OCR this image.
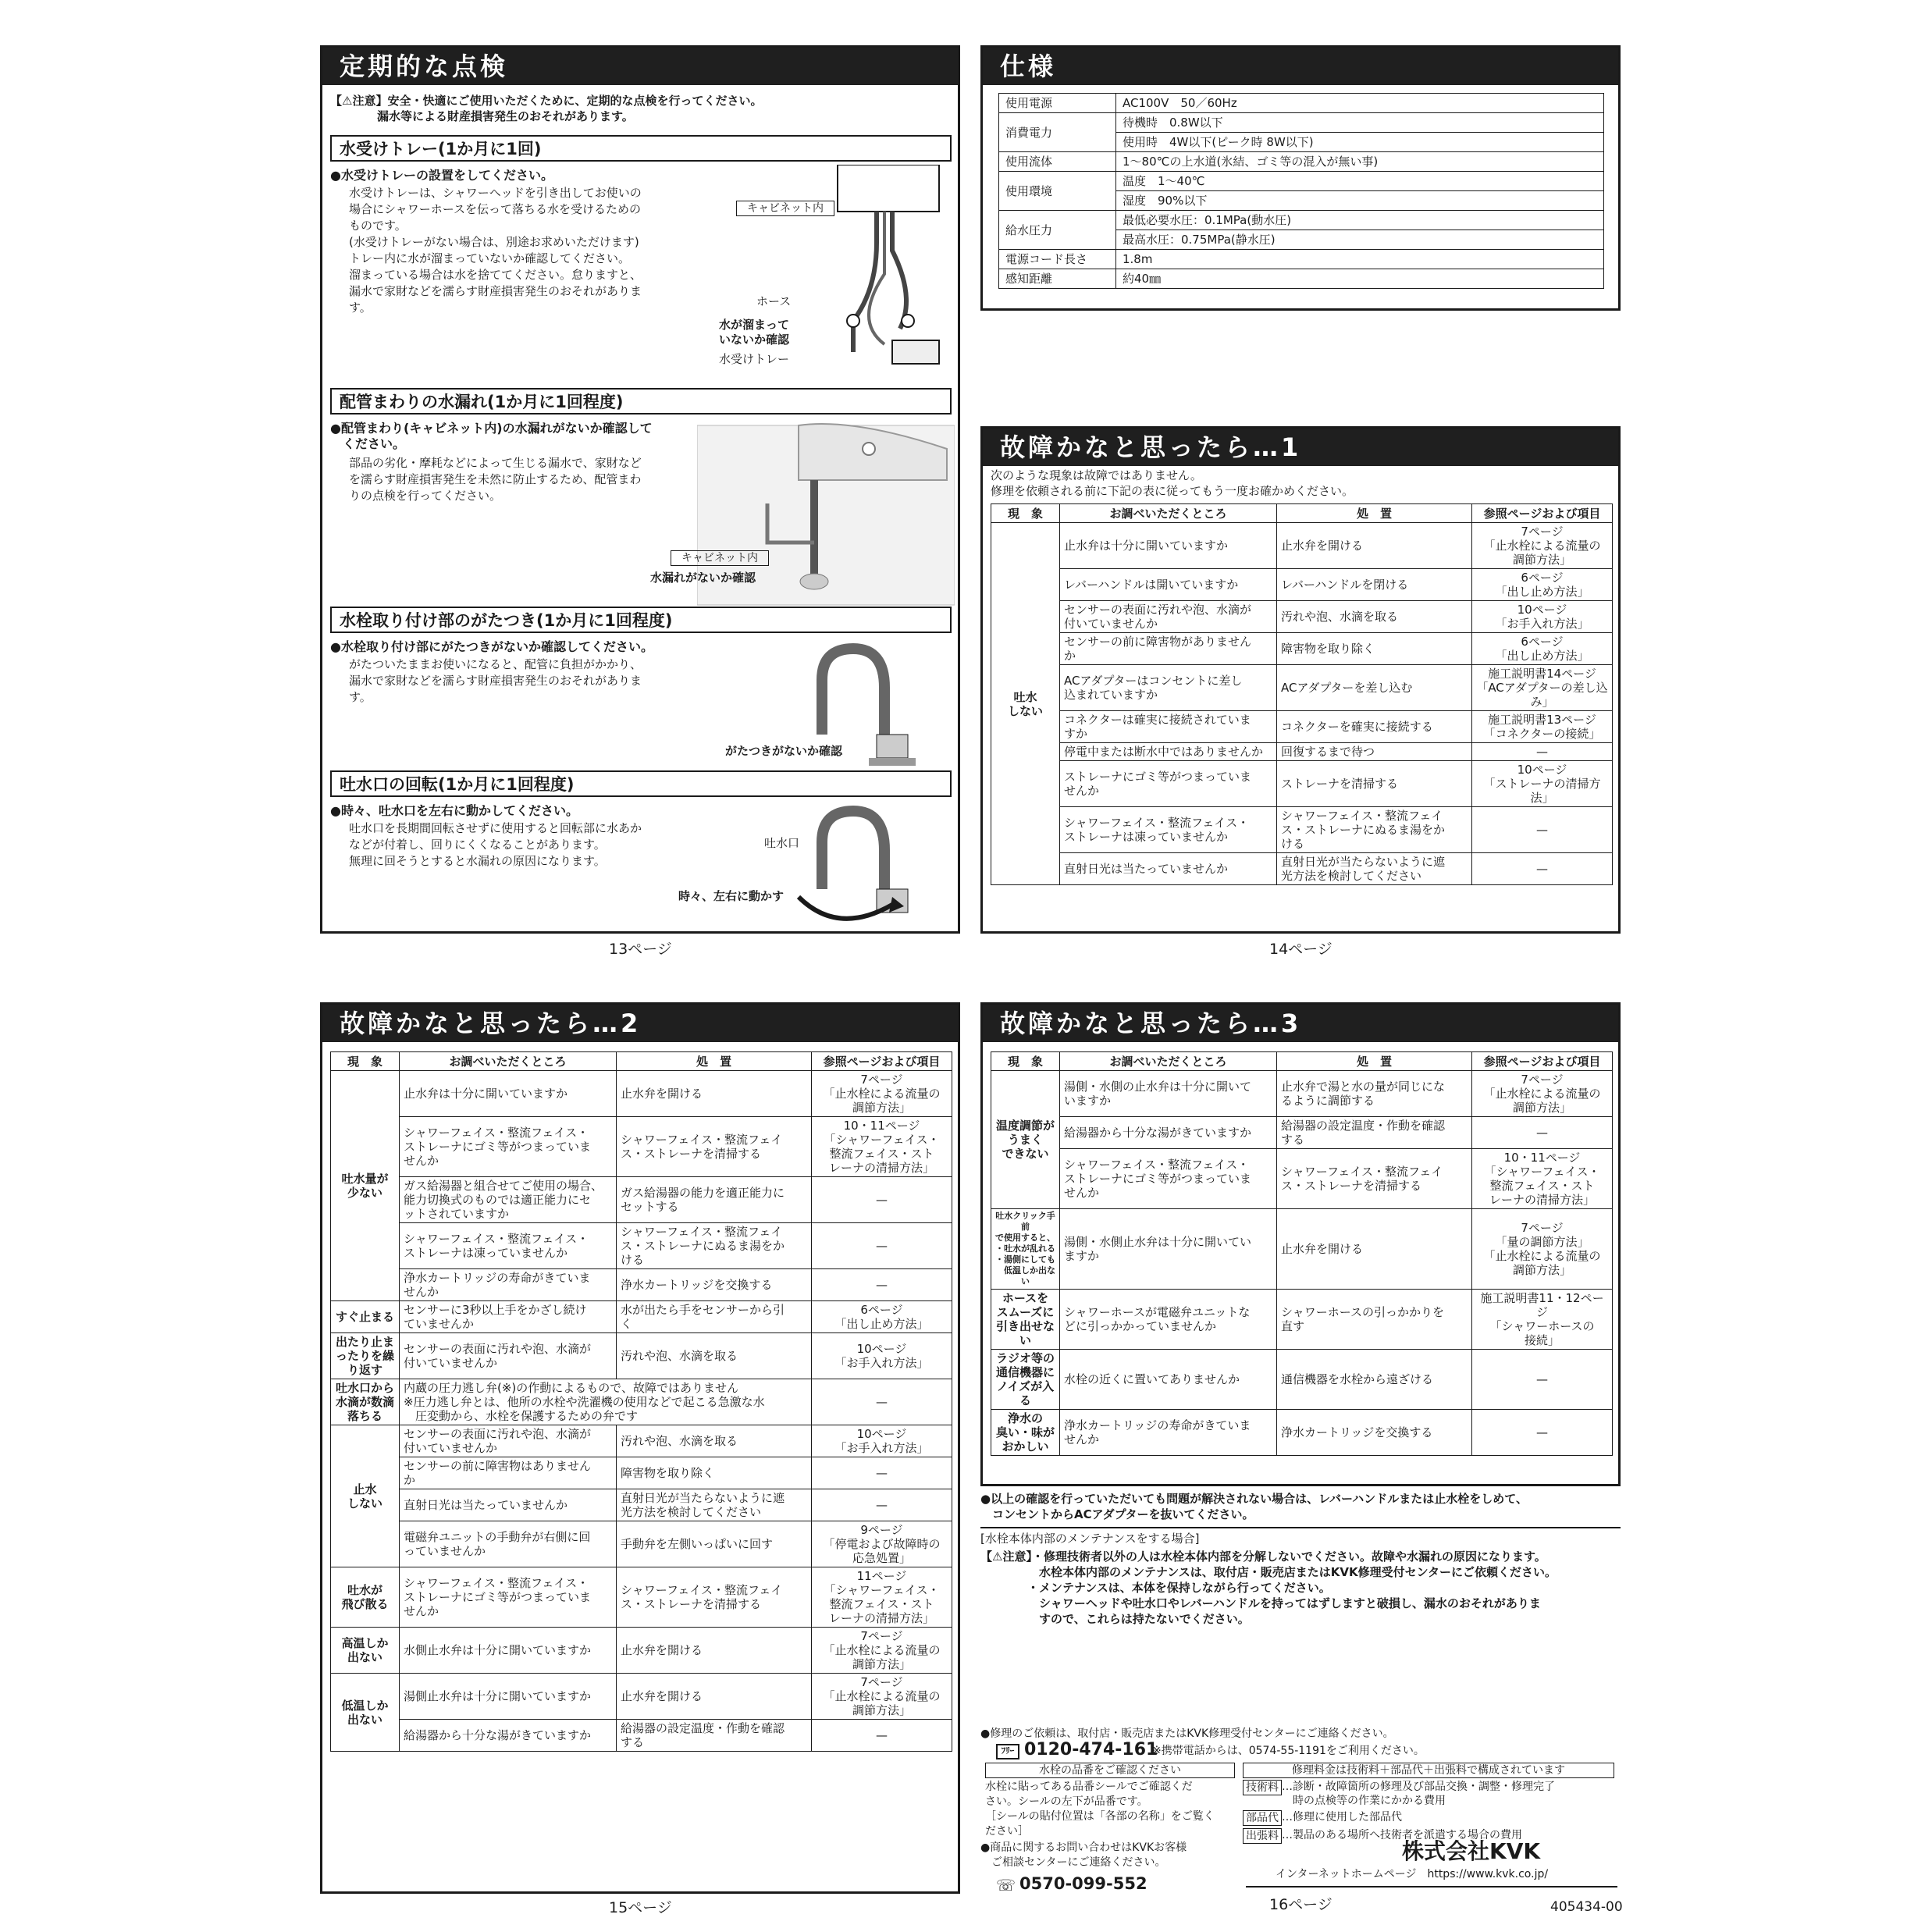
定期的な点検
【⚠注意】安全・快適にご使用いただくために、定期的な点検を行ってください。
　　　　漏水等による財産損害発生のおそれがあります。
水受けトレー(1か月に1回)
●水受けトレーの設置をしてください。
水受けトレーは、シャワーヘッドを引き出してお使いの
場合にシャワーホースを伝って落ちる水を受けるための
ものです。
(水受けトレーがない場合は、別途お求めいただけます)
トレー内に水が溜まっていないか確認してください。
溜まっている場合は水を捨ててください。怠りますと、
漏水で家財などを濡らす財産損害発生のおそれがありま
す。
キャビネット内
ホース
水が溜まって
いないか確認
水受けトレー
配管まわりの水漏れ(1か月に1回程度)
●配管まわり(キャビネット内)の水漏れがないか確認して
　ください。
部品の劣化・摩耗などによって生じる漏水で、家財など
を濡らす財産損害発生を未然に防止するため、配管まわ
りの点検を行ってください。
キャビネット内
水漏れがないか確認
水栓取り付け部のがたつき(1か月に1回程度)
●水栓取り付け部にがたつきがないか確認してください。
がたついたままお使いになると、配管に負担がかかり、
漏水で家財などを濡らす財産損害発生のおそれがありま
す。
がたつきがないか確認
吐水口の回転(1か月に1回程度)
●時々、吐水口を左右に動かしてください。
吐水口を長期間回転させずに使用すると回転部に水あか
などが付着し、回りにくくなることがあります。
無理に回そうとすると水漏れの原因になります。
吐水口
時々、左右に動かす
13ページ
仕様
使用電源	AC100V　50／60Hz
消費電力	待機時　0.8W以下
	使用時　4W以下(ピーク時 8W以下)
使用流体	1～80℃の上水道(氷結、ゴミ等の混入が無い事)
使用環境	温度　1～40℃
	湿度　90%以下
給水圧力	最低必要水圧：0.1MPa(動水圧)
	最高水圧：0.75MPa(静水圧)
電源コード長さ	1.8m
感知距離	約40㎜
故障かなと思ったら…1
次のような現象は故障ではありません。
修理を依頼される前に下記の表に従ってもう一度お確かめください。
現　象	お調べいただくところ	処　置	参照ページおよび項目
吐水
しない	止水弁は十分に開いていますか	止水弁を開ける	7ページ
「止水栓による流量の
調節方法」
	レバーハンドルは開いていますか	レバーハンドルを閉ける	6ページ
「出し止め方法」
	センサーの表面に汚れや泡、水滴が
付いていませんか	汚れや泡、水滴を取る	10ページ
「お手入れ方法」
	センサーの前に障害物がありません
か	障害物を取り除く	6ページ
「出し止め方法」
	ACアダプターはコンセントに差し
込まれていますか	ACアダプターを差し込む	施工説明書14ページ
「ACアダプターの差し込み」
	コネクターは確実に接続されていま
すか	コネクターを確実に接続する	施工説明書13ページ
「コネクターの接続」
	停電中または断水中ではありませんか	回復するまで待つ	—
	ストレーナにゴミ等がつまっていま
せんか	ストレーナを清掃する	10ページ
「ストレーナの清掃方法」
	シャワーフェイス・整流フェイス・
ストレーナは凍っていませんか	シャワーフェイス・整流フェイ
ス・ストレーナにぬるま湯をか
ける	—
	直射日光は当たっていませんか	直射日光が当たらないように遮
光方法を検討してください	—
14ページ
故障かなと思ったら…2
現　象	お調べいただくところ	処　置	参照ページおよび項目
吐水量が
少ない	止水弁は十分に開いていますか	止水弁を開ける	7ページ
「止水栓による流量の
調節方法」
	シャワーフェイス・整流フェイス・
ストレーナにゴミ等がつまっていま
せんか	シャワーフェイス・整流フェイ
ス・ストレーナを清掃する	10・11ページ
「シャワーフェイス・
整流フェイス・スト
レーナの清掃方法」
	ガス給湯器と組合せてご使用の場合、
能力切換式のものでは適正能力にセ
ットされていますか	ガス給湯器の能力を適正能力に
セットする	—
	シャワーフェイス・整流フェイス・
ストレーナは凍っていませんか	シャワーフェイス・整流フェイ
ス・ストレーナにぬるま湯をか
ける	—
	浄水カートリッジの寿命がきていま
せんか	浄水カートリッジを交換する	—
すぐ止まる	センサーに3秒以上手をかざし続け
ていませんか	水が出たら手をセンサーから引
く	6ページ
「出し止め方法」
出たり止ま
ったりを繰
り返す	センサーの表面に汚れや泡、水滴が
付いていませんか	汚れや泡、水滴を取る	10ページ
「お手入れ方法」
吐水口から
水滴が数滴
落ちる	内蔵の圧力逃し弁(※)の作動によるもので、故障ではありません
※圧力逃し弁とは、他所の水栓や洗濯機の使用などで起こる急激な水
　圧変動から、水栓を保護するための弁です		—
止水
しない	センサーの表面に汚れや泡、水滴が
付いていませんか	汚れや泡、水滴を取る	10ページ
「お手入れ方法」
	センサーの前に障害物はありません
か	障害物を取り除く	—
	直射日光は当たっていませんか	直射日光が当たらないように遮
光方法を検討してください	—
	電磁弁ユニットの手動弁が右側に回
っていませんか	手動弁を左側いっぱいに回す	9ページ
「停電および故障時の
応急処置」
吐水が
飛び散る	シャワーフェイス・整流フェイス・
ストレーナにゴミ等がつまっていま
せんか	シャワーフェイス・整流フェイ
ス・ストレーナを清掃する	11ページ
「シャワーフェイス・
整流フェイス・スト
レーナの清掃方法」
高温しか
出ない	水側止水弁は十分に開いていますか	止水弁を開ける	7ページ
「止水栓による流量の
調節方法」
低温しか
出ない	湯側止水弁は十分に開いていますか	止水弁を開ける	7ページ
「止水栓による流量の
調節方法」
	給湯器から十分な湯がきていますか	給湯器の設定温度・作動を確認
する	—
15ページ
故障かなと思ったら…3
現　象	お調べいただくところ	処　置	参照ページおよび項目
温度調節が
うまく
できない	湯側・水側の止水弁は十分に開いて
いますか	止水弁で湯と水の量が同じにな
るように調節する	7ページ
「止水栓による流量の
調節方法」
	給湯器から十分な湯がきていますか	給湯器の設定温度・作動を確認
する	—
	シャワーフェイス・整流フェイス・
ストレーナにゴミ等がつまっていま
せんか	シャワーフェイス・整流フェイ
ス・ストレーナを清掃する	10・11ページ
「シャワーフェイス・
整流フェイス・スト
レーナの清掃方法」
吐水クリック手前
で使用すると、
・吐水が乱れる
・湯側にしても
　低温しか出ない	湯側・水側止水弁は十分に開いてい
ますか	止水弁を開ける	7ページ
「量の調節方法」
「止水栓による流量の
調節方法」
ホースを
スムーズに
引き出せない	シャワーホースが電磁弁ユニットな
どに引っかかっていませんか	シャワーホースの引っかかりを
直す	施工説明書11・12ページ
「シャワーホースの
接続」
ラジオ等の
通信機器に
ノイズが入る	水栓の近くに置いてありませんか	通信機器を水栓から遠ざける	—
浄水の
臭い・味が
おかしい	浄水カートリッジの寿命がきていま
せんか	浄水カートリッジを交換する	—
●以上の確認を行っていただいても問題が解決されない場合は、レバーハンドルまたは止水栓をしめて、
　コンセントからACアダプターを抜いてください。
[水栓本体内部のメンテナンスをする場合]
【⚠注意】・修理技術者以外の人は水栓本体内部を分解しないでください。故障や水漏れの原因になります。
　　　　　水栓本体内部のメンテナンスは、取付店・販売店またはKVK修理受付センターにご依頼ください。
　　　　・メンテナンスは、本体を保持しながら行ってください。
　　　　　シャワーヘッドや吐水口やレバーハンドルを持ってはずしますと破損し、漏水のおそれがありま
　　　　　すので、これらは持たないでください。
●修理のご依頼は、取付店・販売店またはKVK修理受付センターにご連絡ください。
ﾌﾘｰ 0120-474-161
※携帯電話からは、0574-55-1191をご利用ください。
水栓の品番をご確認ください
水栓に貼ってある品番シールでご確認くだ
さい。シールの左下が品番です。
［シールの貼付位置は「各部の名称」をご覧く
ださい］
修理料金は技術料＋部品代＋出張料で構成されています
技術料 …診断・故障箇所の修理及び部品交換・調整・修理完了
　時の点検等の作業にかかる費用
部品代 …修理に使用した部品代
出張料 …製品のある場所へ技術者を派遣する場合の費用
●商品に関するお問い合わせはKVKお客様
　ご相談センターにご連絡ください。
☏ 0570-099-552
株式会社KVK
インターネットホームページ　https://www.kvk.co.jp/
16ページ	405434-00
